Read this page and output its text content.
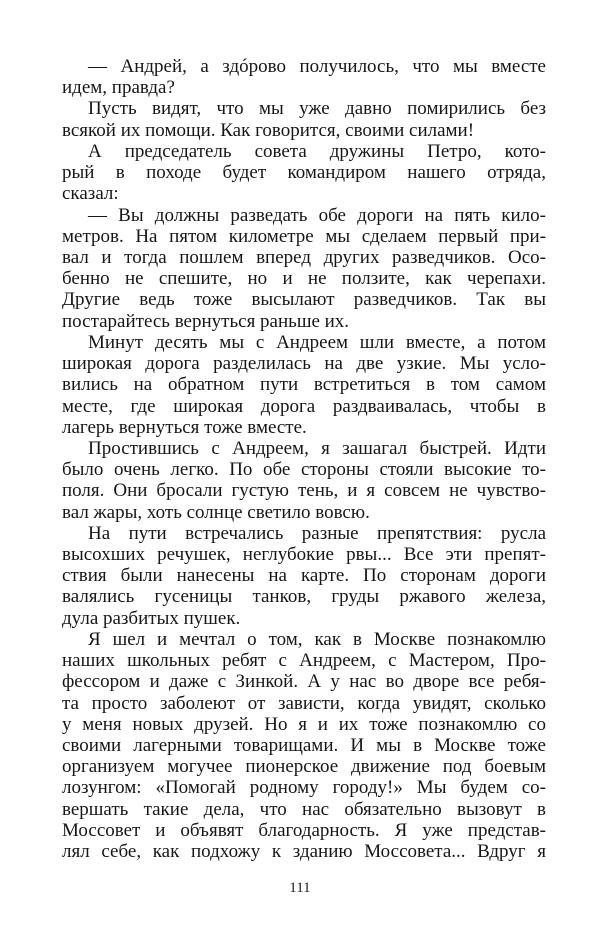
— Андрей, а здóрово получилось, что мы вместе
идем, правда?
Пусть видят, что мы уже давно помирились без
всякой их помощи. Как говорится, своими силами!
А председатель совета дружины Петро, кото-
рый в походе будет командиром нашего отряда,
сказал:
— Вы должны разведать обе дороги на пять кило-
метров. На пятом километре мы сделаем первый при-
вал и тогда пошлем вперед других разведчиков. Осо-
бенно не спешите, но и не ползите, как черепахи.
Другие ведь тоже высылают разведчиков. Так вы
постарайтесь вернуться раньше их.
Минут десять мы с Андреем шли вместе, а потом
широкая дорога разделилась на две узкие. Мы усло-
вились на обратном пути встретиться в том самом
месте, где широкая дорога раздваивалась, чтобы в
лагерь вернуться тоже вместе.
Простившись с Андреем, я зашагал быстрей. Идти
было очень легко. По обе стороны стояли высокие то-
поля. Они бросали густую тень, и я совсем не чувство-
вал жары, хоть солнце светило вовсю.
На пути встречались разные препятствия: русла
высохших речушек, неглубокие рвы... Все эти препят-
ствия были нанесены на карте. По сторонам дороги
валялись гусеницы танков, груды ржавого железа,
дула разбитых пушек.
Я шел и мечтал о том, как в Москве познакомлю
наших школьных ребят с Андреем, с Мастером, Про-
фессором и даже с Зинкой. А у нас во дворе все ребя-
та просто заболеют от зависти, когда увидят, сколько
у меня новых друзей. Но я и их тоже познакомлю со
своими лагерными товарищами. И мы в Москве тоже
организуем могучее пионерское движение под боевым
лозунгом: «Помогай родному городу!» Мы будем со-
вершать такие дела, что нас обязательно вызовут в
Моссовет и объявят благодарность. Я уже представ-
лял себе, как подхожу к зданию Моссовета... Вдруг я
111
